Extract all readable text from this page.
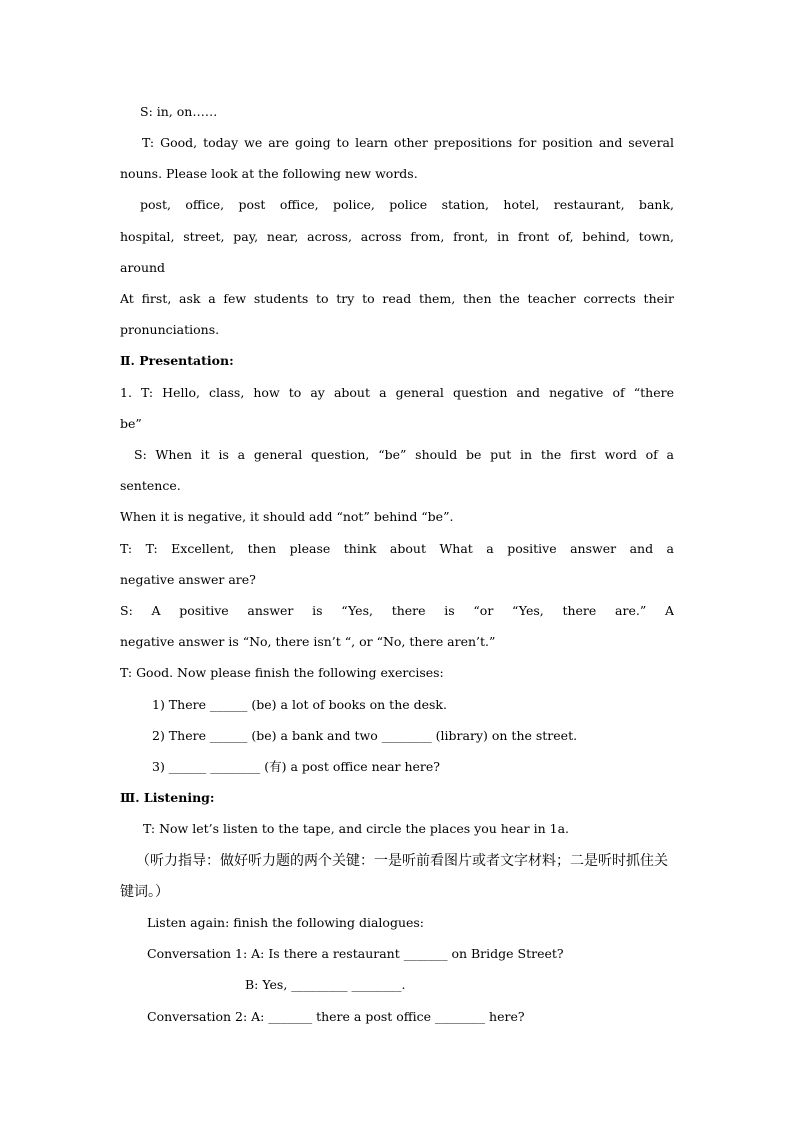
S: in, on……
T: Good, today we are going to learn other prepositions for position and several
nouns. Please look at the following new words.
post, office, post office, police, police station, hotel, restaurant, bank,
hospital, street, pay, near, across, across from, front, in front of, behind, town,
around
At first, ask a few students to try to read them, then the teacher corrects their
pronunciations.
Ⅱ. Presentation:
1. T: Hello, class, how to ay about a general question and negative of “there
be”
S: When it is a general question, “be” should be put in the first word of a
sentence.
When it is negative, it should add “not” behind “be”.
T: T: Excellent, then please think about What a positive answer and a
negative answer are?
S: A positive answer is “Yes, there is “or “Yes, there are.” A
negative answer is “No, there isn’t “, or “No, there aren’t.”
T: Good. Now please finish the following exercises:
1) There ______ (be) a lot of books on the desk.
2) There ______ (be) a bank and two ________ (library) on the street.
3) ______ ________ (有) a post office near here?
Ⅲ. Listening:
T: Now let’s listen to the tape, and circle the places you hear in 1a.
（听力指导：做好听力题的两个关键：一是听前看图片或者文字材料；二是听时抓住关
键词。）
Listen again: finish the following dialogues:
Conversation 1: A: Is there a restaurant _______ on Bridge Street?
B: Yes, _________ ________.
Conversation 2: A: _______ there a post office ________ here?
